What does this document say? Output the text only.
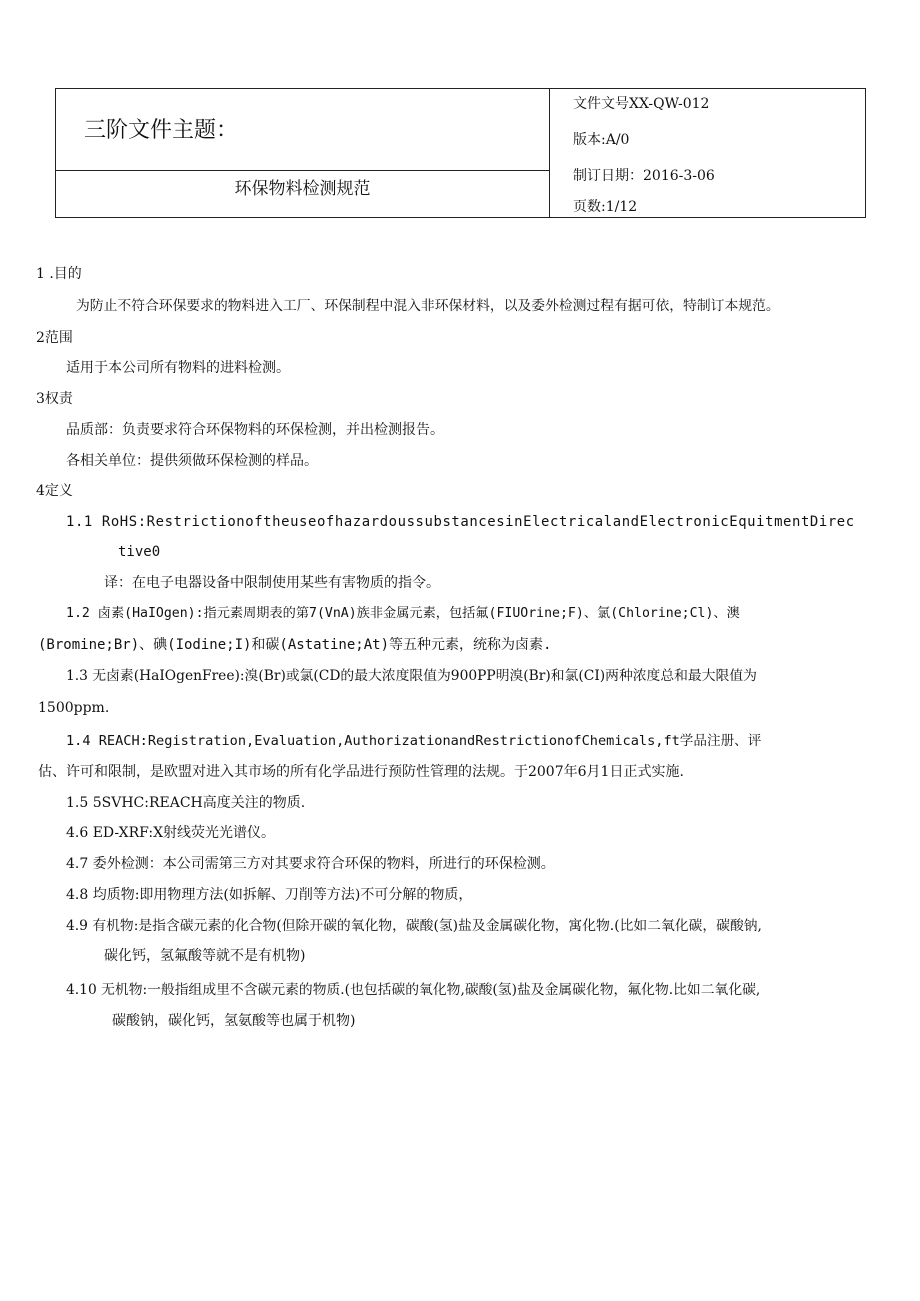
三阶文件主题：
环保物料检测规范
文件文号XX-QW-012
版本:A/0
制订日期：2016-3-06
页数:1/12
1 .目的
为防止不符合环保要求的物料进入工厂、环保制程中混入非环保材料，以及委外检测过程有据可依，特制订本规范。
2范围
适用于本公司所有物料的进料检测。
3权责
品质部：负责要求符合环保物料的环保检测，并出检测报告。
各相关单位：提供须做环保检测的样品。
4定义
1.1 RoHS:RestrictionoftheuseofhazardoussubstancesinElectricalandElectronicEquitmentDirec
tive0
译：在电子电器设备中限制使用某些有害物质的指令。
1.2 卤素(HaIOgen):指元素周期表的第7(VnA)族非金属元素，包括氟(FIUOrine;F)、氯(Chlorine;Cl)、澳
(Bromine;Br)、碘(Iodine;I)和碳(Astatine;At)等五种元素，统称为卤素.
1.3 无卤素(HaIOgenFree):溴(Br)或氯(CD的最大浓度限值为900PP明溴(Br)和氯(CI)两种浓度总和最大限值为
1500ppm.
1.4 REACH:Registration,Evaluation,AuthorizationandRestrictionofChemicals,ft学品注册、评
估、许可和限制，是欧盟对进入其市场的所有化学品进行预防性管理的法规。于2007年6月1日正式实施.
1.5 5SVHC:REACH高度关注的物质.
4.6 ED-XRF:X射线荧光光谱仪。
4.7 委外检测：本公司需第三方对其要求符合环保的物料，所进行的环保检测。
4.8 均质物:即用物理方法(如拆解、刀削等方法)不可分解的物质，
4.9 有机物:是指含碳元素的化合物(但除开碳的氧化物，碳酸(氢)盐及金属碳化物，寓化物.(比如二氧化碳，碳酸钠,
碳化钙，氢氟酸等就不是有机物)
4.10 无机物:一般指组成里不含碳元素的物质.(也包括碳的氧化物,碳酸(氢)盐及金属碳化物，氟化物.比如二氧化碳,
碳酸钠，碳化钙，氢氨酸等也属于机物)
